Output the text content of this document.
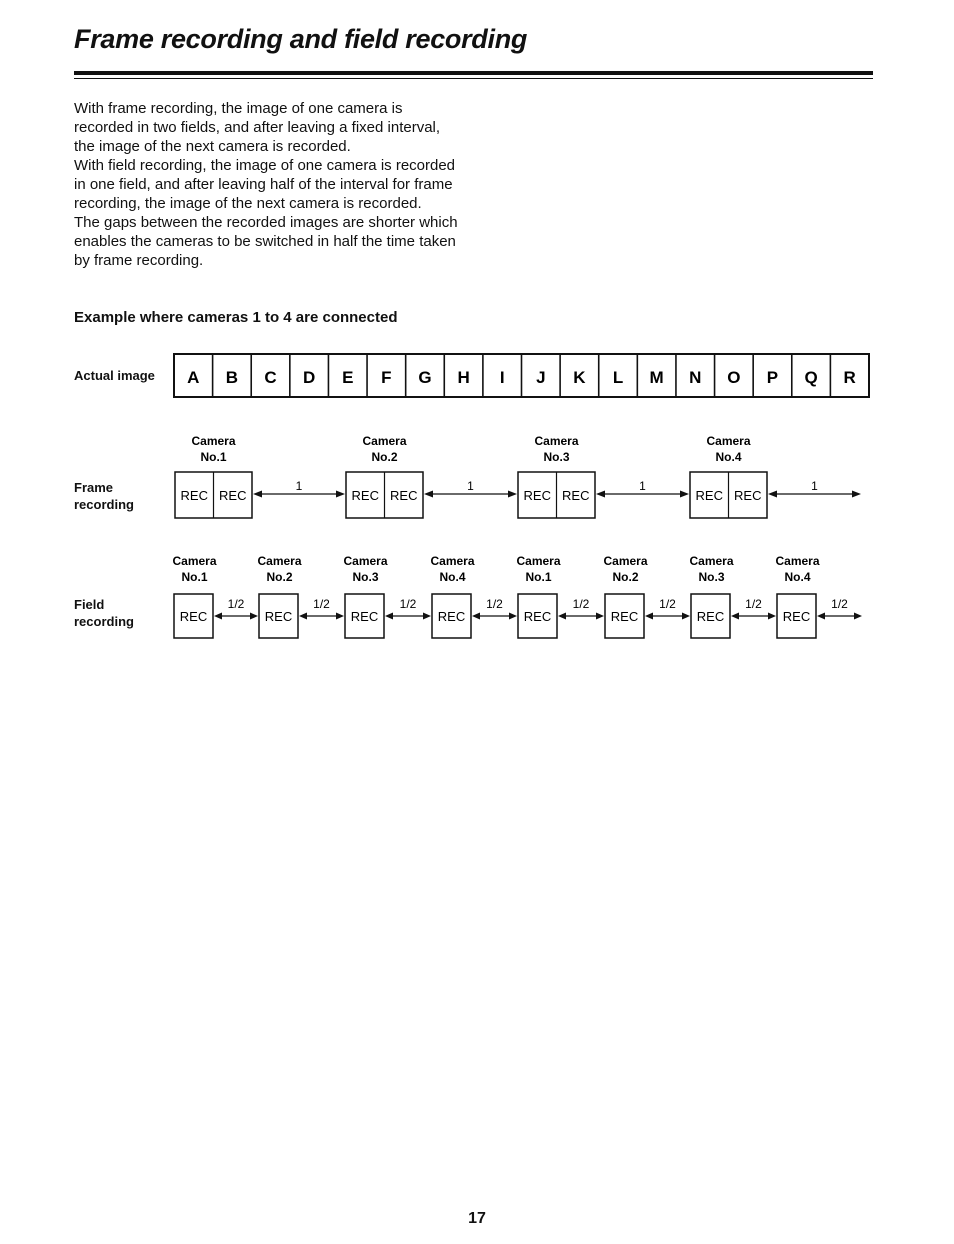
Frame recording and field recording

With frame recording, the image of one camera is recorded in two fields, and after leaving a fixed interval, the image of the next camera is recorded.

With field recording, the image of one camera is recorded in one field, and after leaving half of the interval for frame recording, the image of the next camera is recorded.

The gaps between the recorded images are shorter which enables the cameras to be switched in half the time taken by frame recording.

Example where cameras 1 to 4 are connected
Actual image
Frame
recording
Field
recording
A B C D E F G H I J K L M N O P Q R
Camera
No.1
REC REC
1
Camera
No.2
REC REC
1
Camera
No.3
REC REC
1
Camera
No.4
REC REC
1
Camera
No.1
REC
1/2
Camera
No.2
REC
1/2
Camera
No.3
REC
1/2
Camera
No.4
REC
1/2
Camera
No.1
REC
1/2
Camera
No.2
REC
1/2
Camera
No.3
REC
1/2
Camera
No.4
REC
1/2
17
